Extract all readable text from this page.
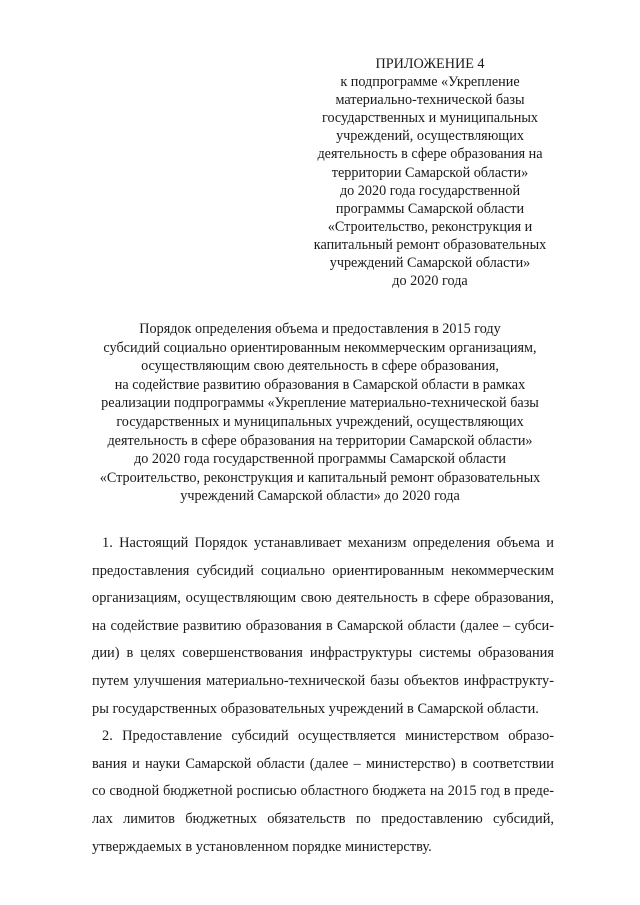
ПРИЛОЖЕНИЕ 4
к подпрограмме «Укрепление
материально-технической базы
государственных и муниципальных
учреждений, осуществляющих
деятельность в сфере образования на
территории Самарской области»
до 2020 года государственной
программы Самарской области
«Строительство, реконструкция и
капитальный ремонт образовательных
учреждений Самарской области»
до 2020 года
Порядок определения объема и предоставления в 2015 году
субсидий социально ориентированным некоммерческим организациям,
осуществляющим свою деятельность в сфере образования,
на содействие развитию образования в Самарской области в рамках
реализации подпрограммы «Укрепление материально-технической базы
государственных и муниципальных учреждений, осуществляющих
деятельность в сфере образования на территории Самарской области»
до 2020 года государственной программы Самарской области
«Строительство, реконструкция и капитальный ремонт образовательных
учреждений Самарской области» до 2020 года
1. Настоящий Порядок устанавливает механизм определения объема и
предоставления субсидий социально ориентированным некоммерческим
организациям, осуществляющим свою деятельность в сфере образования,
на содействие развитию образования в Самарской области (далее – субси-
дии) в целях совершенствования инфраструктуры системы образования
путем улучшения материально-технической базы объектов инфраструкту-
ры государственных образовательных учреждений в Самарской области.
2. Предоставление субсидий осуществляется министерством образо-
вания и науки Самарской области (далее – министерство) в соответствии
со сводной бюджетной росписью областного бюджета на 2015 год в преде-
лах лимитов бюджетных обязательств по предоставлению субсидий,
утверждаемых в установленном порядке министерству.
